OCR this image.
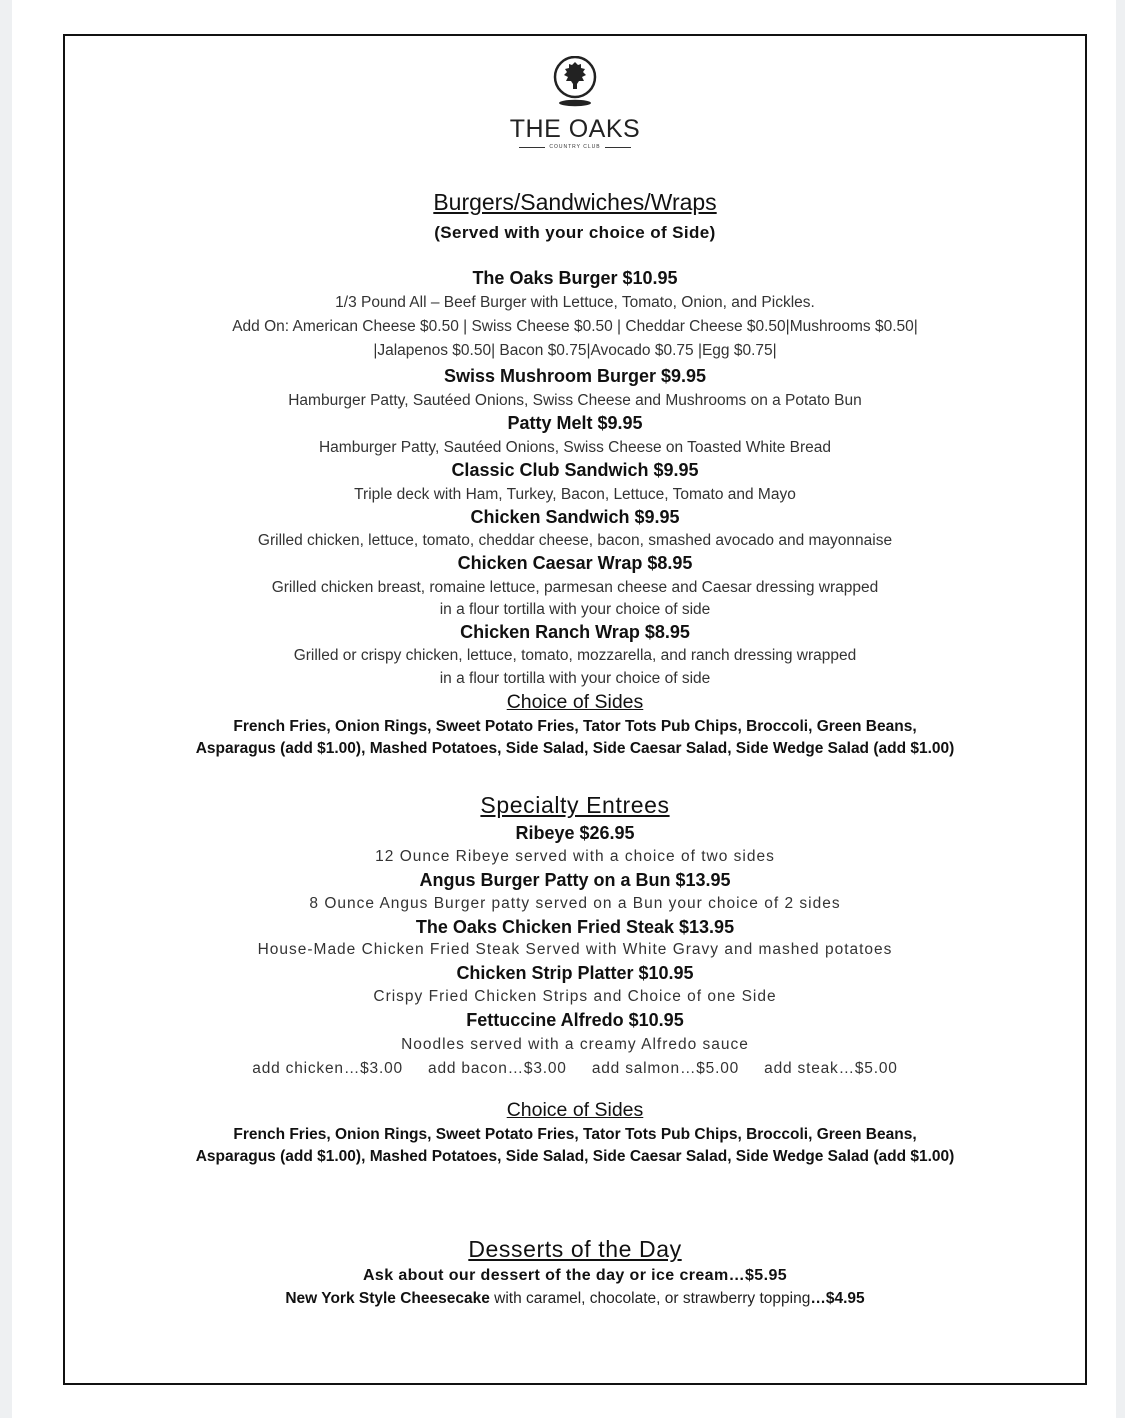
THE OAKS
COUNTRY CLUB
Burgers/Sandwiches/Wraps
(Served with your choice of Side)
The Oaks Burger $10.95
1/3 Pound All – Beef Burger with Lettuce, Tomato, Onion, and Pickles.
Add On: American Cheese $0.50 | Swiss Cheese $0.50 | Cheddar Cheese $0.50|Mushrooms $0.50|
|Jalapenos $0.50| Bacon $0.75|Avocado $0.75 |Egg $0.75|
Swiss Mushroom Burger $9.95
Hamburger Patty, Sautéed Onions, Swiss Cheese and Mushrooms on a Potato Bun
Patty Melt $9.95
Hamburger Patty, Sautéed Onions, Swiss Cheese on Toasted White Bread
Classic Club Sandwich $9.95
Triple deck with Ham, Turkey, Bacon, Lettuce, Tomato and Mayo
Chicken Sandwich $9.95
Grilled chicken, lettuce, tomato, cheddar cheese, bacon, smashed avocado and mayonnaise
Chicken Caesar Wrap $8.95
Grilled chicken breast, romaine lettuce, parmesan cheese and Caesar dressing wrapped
in a flour tortilla with your choice of side
Chicken Ranch Wrap $8.95
Grilled or crispy chicken, lettuce, tomato, mozzarella, and ranch dressing wrapped
in a flour tortilla with your choice of side
Choice of Sides
French Fries, Onion Rings, Sweet Potato Fries, Tator Tots Pub Chips, Broccoli, Green Beans,
Asparagus (add $1.00), Mashed Potatoes, Side Salad, Side Caesar Salad, Side Wedge Salad (add $1.00)
Specialty Entrees
Ribeye $26.95
12 Ounce Ribeye served with a choice of two sides
Angus Burger Patty on a Bun $13.95
8 Ounce Angus Burger patty served on a Bun your choice of 2 sides
The Oaks Chicken Fried Steak $13.95
House-Made Chicken Fried Steak Served with White Gravy and mashed potatoes
Chicken Strip Platter $10.95
Crispy Fried Chicken Strips and Choice of one Side
Fettuccine Alfredo $10.95
Noodles served with a creamy Alfredo sauce
add chicken…$3.00 add bacon…$3.00 add salmon…$5.00 add steak…$5.00
Choice of Sides
French Fries, Onion Rings, Sweet Potato Fries, Tator Tots Pub Chips, Broccoli, Green Beans,
Asparagus (add $1.00), Mashed Potatoes, Side Salad, Side Caesar Salad, Side Wedge Salad (add $1.00)
Desserts of the Day
Ask about our dessert of the day or ice cream…$5.95
New York Style Cheesecake with caramel, chocolate, or strawberry topping…$4.95
